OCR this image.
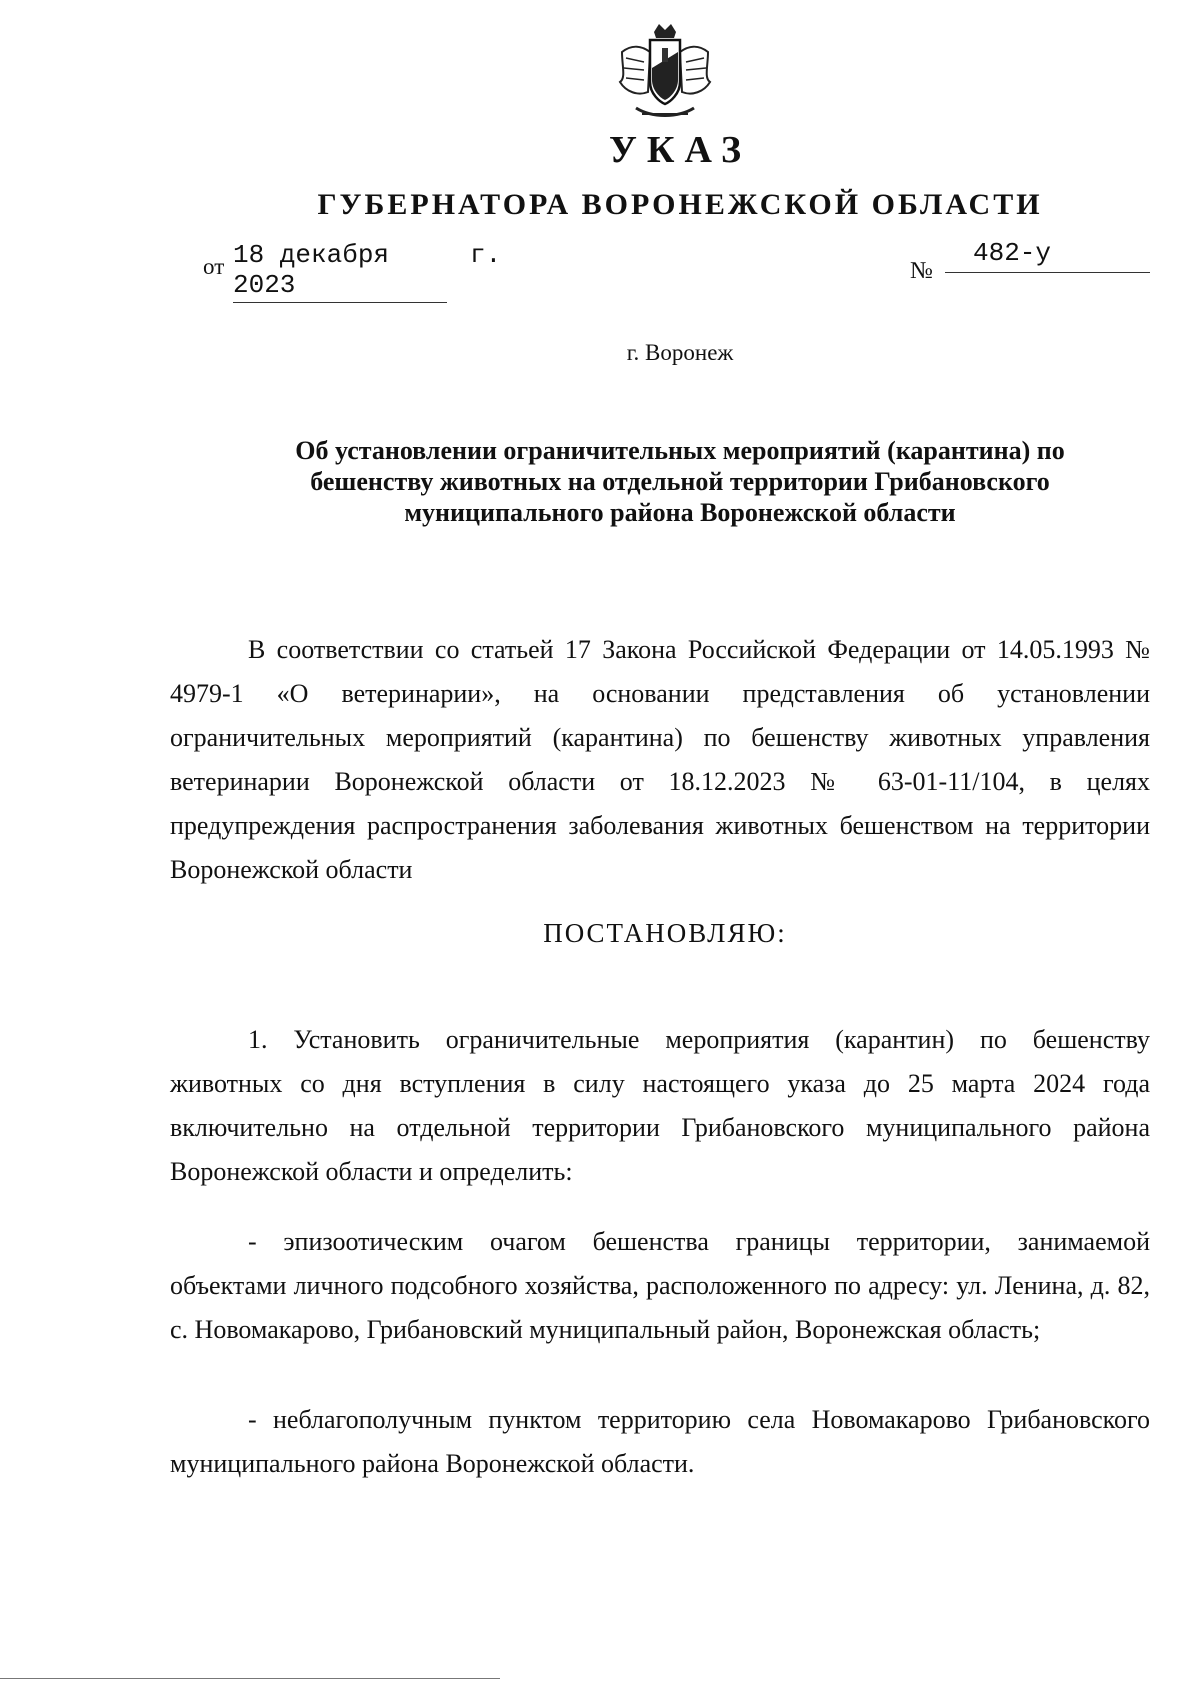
УКАЗ
ГУБЕРНАТОРА ВОРОНЕЖСКОЙ ОБЛАСТИ
от 18 декабря 2023
г.
№
482-у
г. Воронеж
Об установлении ограничительных мероприятий (карантина) по бешенству животных на отдельной территории Грибановского муниципального района Воронежской области
В соответствии со статьей 17 Закона Российской Федерации от 14.05.1993 № 4979-1 «О ветеринарии», на основании представления об установлении ограничительных мероприятий (карантина) по бешенству животных управления ветеринарии Воронежской области от 18.12.2023 № 63-01-11/104, в целях предупреждения распространения заболевания животных бешенством на территории Воронежской области
ПОСТАНОВЛЯЮ:
1. Установить ограничительные мероприятия (карантин) по бешенству животных со дня вступления в силу настоящего указа до 25 марта 2024 года включительно на отдельной территории Грибановского муниципального района Воронежской области и определить:
- эпизоотическим очагом бешенства границы территории, занимаемой объектами личного подсобного хозяйства, расположенного по адресу: ул. Ленина, д. 82, с. Новомакарово, Грибановский муниципальный район, Воронежская область;
- неблагополучным пунктом территорию села Новомакарово Грибановского муниципального района Воронежской области.
